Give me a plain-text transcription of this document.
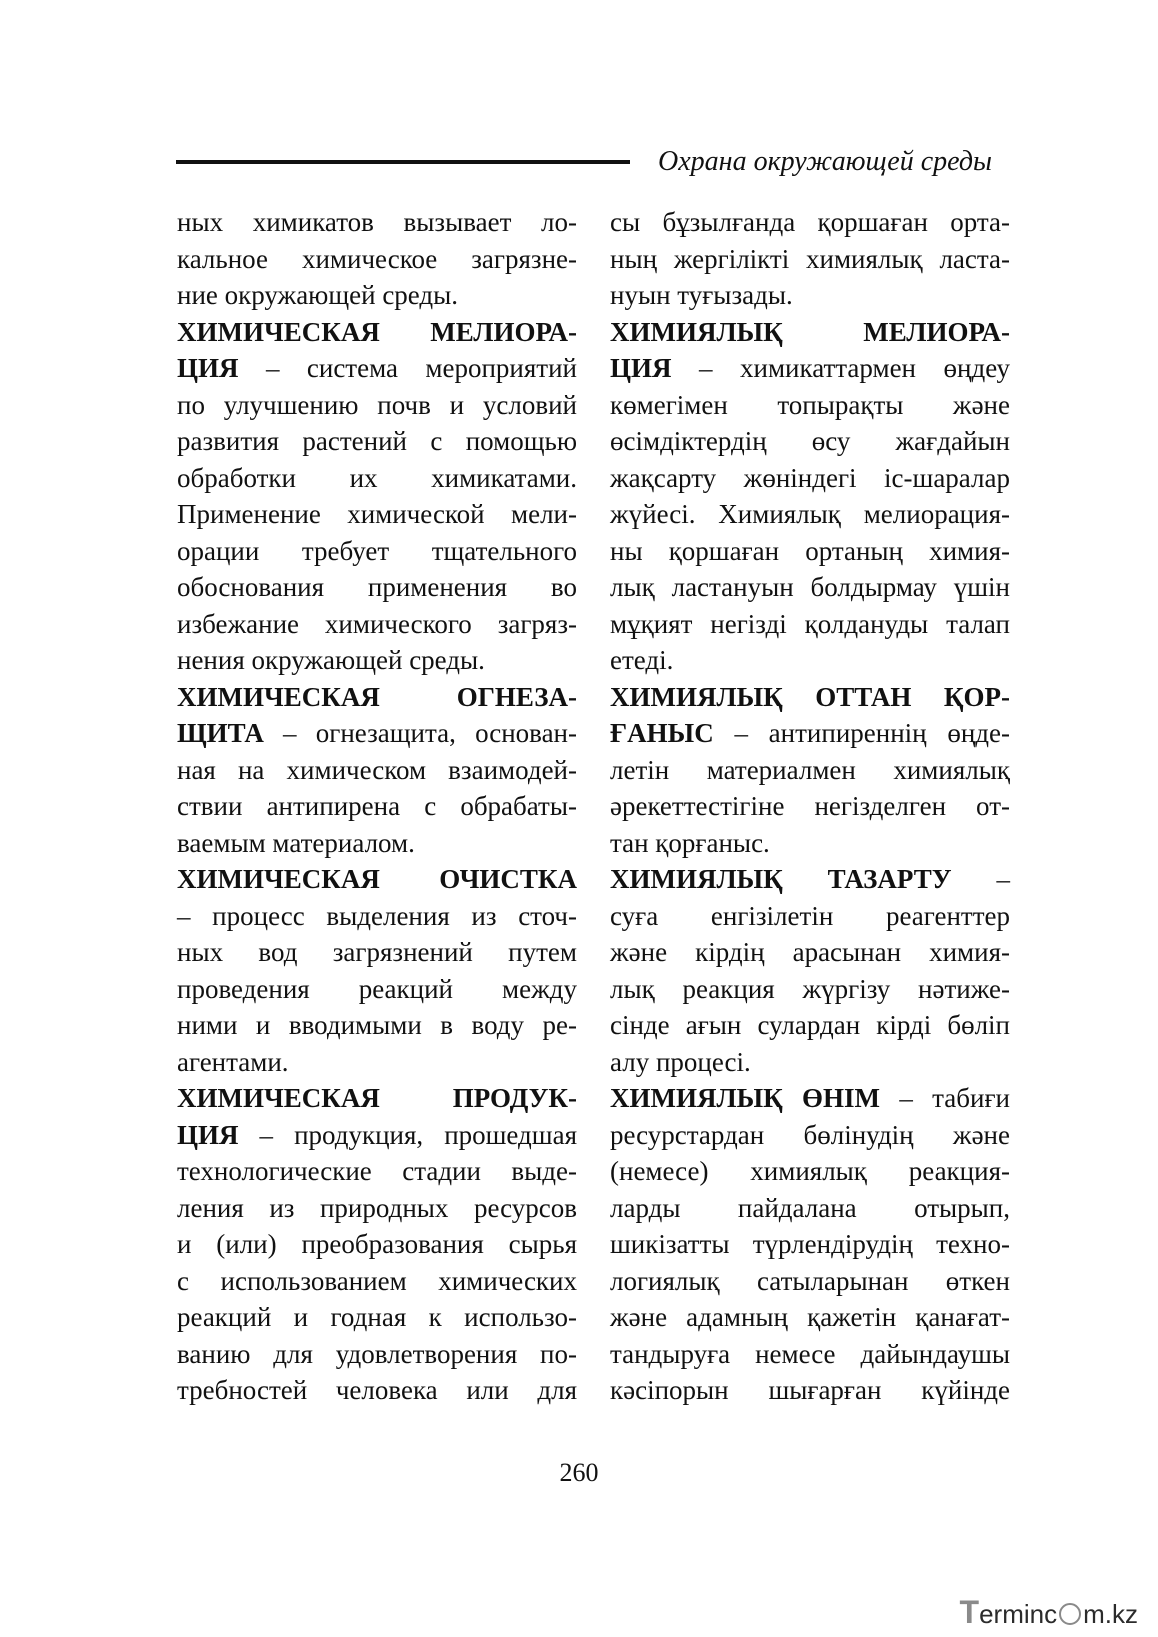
Охрана окружающей среды
ных химикатов вызывает ло-
кальное химическое загрязне-
ние окружающей среды.
ХИМИЧЕСКАЯ МЕЛИОРА-
ЦИЯ – система мероприятий
по улучшению почв и условий
развития растений с помощью
обработки их химикатами.
Применение химической мели-
орации требует тщательного
обоснования применения во
избежание химического загряз-
нения окружающей среды.
ХИМИЧЕСКАЯ ОГНЕЗА-
ЩИТА – огнезащита, основан-
ная на химическом взаимодей-
ствии антипирена с обрабаты-
ваемым материалом.
ХИМИЧЕСКАЯ ОЧИСТКА
– процесс выделения из сточ-
ных вод загрязнений путем
проведения реакций между
ними и вводимыми в воду ре-
агентами.
ХИМИЧЕСКАЯ ПРОДУК-
ЦИЯ – продукция, прошедшая
технологические стадии выде-
ления из природных ресурсов
и (или) преобразования сырья
с использованием химических
реакций и годная к использо-
ванию для удовлетворения по-
требностей человека или для
сы бұзылғанда қоршаған орта-
ның жергілікті химиялық ласта-
нуын туғызады.
ХИМИЯЛЫҚ МЕЛИОРА-
ЦИЯ – химикаттармен өңдеу
көмегімен топырақты және
өсімдіктердің өсу жағдайын
жақсарту жөніндегі іс-шаралар
жүйесі. Химиялық мелиорация-
ны қоршаған ортаның химия-
лық ластануын болдырмау үшін
мұқият негізді қолдануды талап
етеді.
ХИМИЯЛЫҚ ОТТАН ҚОР-
ҒАНЫС – антипиреннің өңде-
летін материалмен химиялық
әрекеттестігіне негізделген от-
тан қорғаныс.
ХИМИЯЛЫҚ ТАЗАРТУ –
суға енгізілетін реагенттер
және кірдің арасынан химия-
лық реакция жүргізу нәтиже-
сінде ағын сулардан кірді бөліп
алу процесі.
ХИМИЯЛЫҚ ӨНІМ – табиғи
ресурстардан бөлінудің және
(немесе) химиялық реакция-
ларды пайдалана отырып,
шикізатты түрлендірудің техно-
логиялық сатыларынан өткен
және адамның қажетін қанағат-
тандыруға немесе дайындаушы
кәсіпорын шығарған күйінде
260
T ermin c m.kz
